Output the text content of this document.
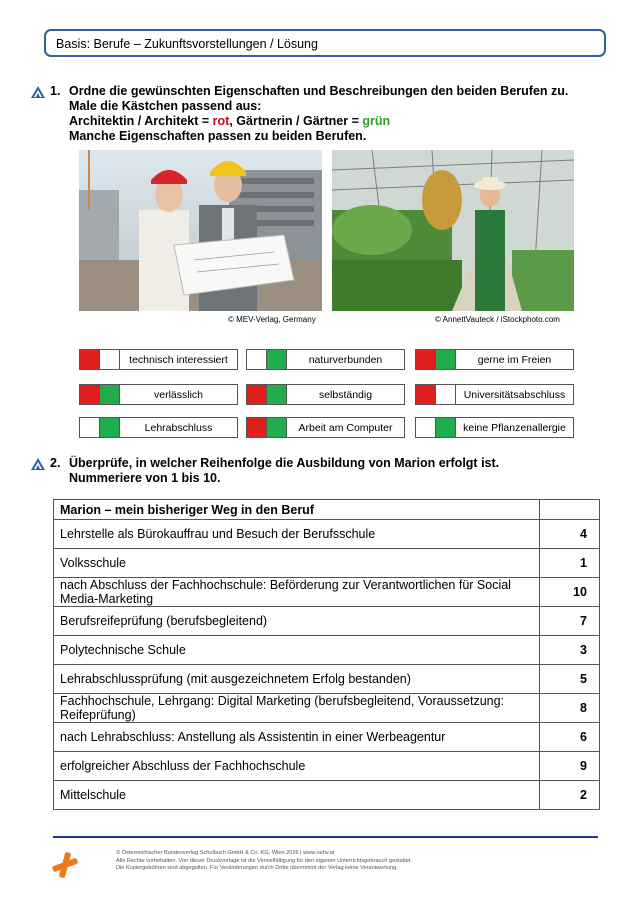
Basis: Berufe – Zukunftsvorstellungen / Lösung
1. Ordne die gewünschten Eigenschaften und Beschreibungen den beiden Berufen zu.
Male die Kästchen passend aus:
Architektin / Architekt = rot, Gärtnerin / Gärtner = grün
Manche Eigenschaften passen zu beiden Berufen.
© MEV-Verlag, Germany	© AnnettVauteck / iStockphoto.com
technisch interessiert	naturverbunden	gerne im Freien
verlässlich	selbständig	Universitätsabschluss
Lehrabschluss	Arbeit am Computer	keine Pflanzenallergie
2. Überprüfe, in welcher Reihenfolge die Ausbildung von Marion erfolgt ist.
Nummeriere von 1 bis 10.
Marion – mein bisheriger Weg in den Beruf	
Lehrstelle als Bürokauffrau und Besuch der Berufsschule	4
Volksschule	1
nach Abschluss der Fachhochschule: Beförderung zur Verantwortlichen für Social Media-Marketing	10
Berufsreifeprüfung (berufsbegleitend)	7
Polytechnische Schule	3
Lehrabschlussprüfung (mit ausgezeichnetem Erfolg bestanden)	5
Fachhochschule, Lehrgang: Digital Marketing (berufsbegleitend, Voraussetzung: Reifeprüfung)	8
nach Lehrabschluss: Anstellung als Assistentin in einer Werbeagentur	6
erfolgreicher Abschluss der Fachhochschule	9
Mittelschule	2
© Österreichischer Bundesverlag Schulbuch GmbH & Co. KG, Wien 2026 | www.oebv.at
Alle Rechte vorbehalten. Von dieser Druckvorlage ist die Vervielfältigung für den eigenen Unterrichtsgebrauch gestattet.
Die Kopiergebühren sind abgegolten. Für Veränderungen durch Dritte übernimmt der Verlag keine Verantwortung.
